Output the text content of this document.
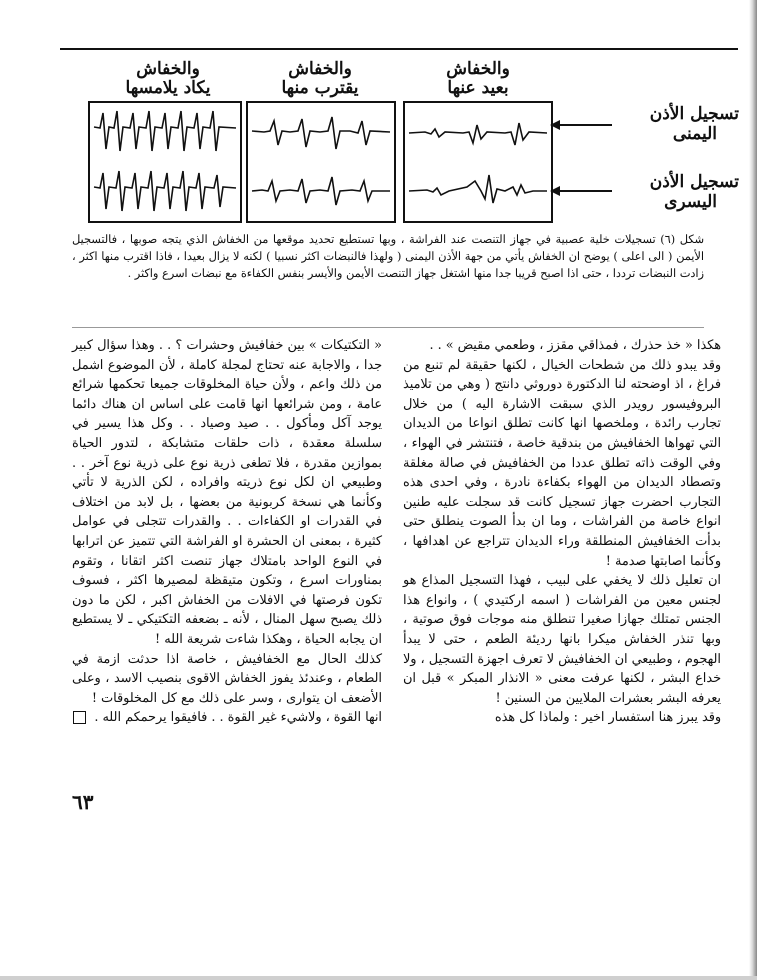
والخفاش
بعيد عنها
والخفاش
يقترب منها
والخفاش
يكاد يلامسها
تسجيل الأذن
اليمنى
تسجيل الأذن
اليسرى
شكل (٦) تسجيلات خلية عصبية في جهاز التنصت عند الفراشة ، وبها تستطيع تحديد موقعها من الخفاش الذي يتجه صوبها ، فالتسجيل الأيمن ( الى اعلى ) يوضح ان الخفاش يأتي من جهة الأذن اليمنى ( ولهذا فالنبضات اكثر نسبيا ) لكنه لا يزال بعيدا ، فاذا اقترب منها اكثر ، زادت النبضات ترددا ، حتى اذا اصبح قريبا جدا منها اشتغل جهاز التنصت الأيمن والأيسر بنفس الكفاءة مع نبضات اسرع واكثر .

هكذا « خذ حذرك ، فمذاقي مقزز ، وطعمي مقيض » . .

وقد يبدو ذلك من شطحات الخيال ، لكنها حقيقة لم تنبع من فراغ ، اذ اوضحته لنا الدكتورة دوروثي دانتج ( وهي من تلاميذ البروفيسور رويدر الذي سبقت الاشارة اليه ) من خلال تجارب رائدة ، وملخصها انها كانت تطلق انواعا من الديدان التي تهواها الخفافيش من بندقية خاصة ، فتنتشر في الهواء ، وفي الوقت ذاته تطلق عددا من الخفافيش في صالة مغلقة وتصطاد الديدان من الهواء بكفاءة نادرة ، وفي احدى هذه التجارب احضرت جهاز تسجيل كانت قد سجلت عليه طنين انواع خاصة من الفراشات ، وما ان بدأ الصوت ينطلق حتى بدأت الخفافيش المنطلقة وراء الديدان تتراجع عن اهدافها ، وكأنما اصابتها صدمة !

ان تعليل ذلك لا يخفي على لبيب ، فهذا التسجيل المذاع هو لجنس معين من الفراشات ( اسمه اركتيدي ) ، وانواع هذا الجنس تمتلك جهازا صغيرا تنطلق منه موجات فوق صوتية ، وبها تنذر الخفاش ميكرا بانها رديئة الطعم ، حتى لا يبدأ الهجوم ، وطبيعي ان الخفافيش لا تعرف اجهزة التسجيل ، ولا خداع البشر ، لكنها عرفت معنى « الانذار المبكر » قبل ان يعرفه البشر بعشرات الملايين من السنين !

وقد يبرز هنا استفسار اخير : ولماذا كل هذه

« التكتيكات » بين خفافيش وحشرات ؟ . . وهذا سؤال كبير جدا ، والاجابة عنه تحتاج لمجلة كاملة ، لأن الموضوع اشمل من ذلك واعم ، ولأن حياة المخلوقات جميعا تحكمها شرائع عامة ، ومن شرائعها انها قامت على اساس ان هناك دائما يوجد آكل ومأكول . . صيد وصياد . . وكل هذا يسير في سلسلة معقدة ، ذات حلقات متشابكة ، لتدور الحياة بموازين مقدرة ، فلا تطغى ذرية نوع على ذرية نوع آخر . . وطبيعي ان لكل نوع ذريته وافراده ، لكن الذرية لا تأتي وكأنما هي نسخة كربونية من بعضها ، بل لابد من اختلاف في القدرات او الكفاءات . . والقدرات تتجلى في عوامل كثيرة ، بمعنى ان الحشرة او الفراشة التي تتميز عن اترابها في النوع الواحد بامتلاك جهاز تنصت اكثر اتقانا ، وتقوم بمناورات اسرع ، وتكون متيقظة لمصيرها اكثر ، فسوف تكون فرصتها في الافلات من الخفاش اكبر ، لكن ما دون ذلك يصبح سهل المنال ، لأنه ـ بضعفه التكتيكي ـ لا يستطيع ان يجابه الحياة ، وهكذا شاءت شريعة الله !

كذلك الحال مع الخفافيش ، خاصة اذا حدثت ازمة في الطعام ، وعندئذ يفوز الخفاش الاقوى بنصيب الاسد ، وعلى الأضعف ان يتوارى ، وسر على ذلك مع كل المخلوقات !

انها القوة ، ولاشيء غير القوة . . فافيقوا يرحمكم الله .

٦٣
